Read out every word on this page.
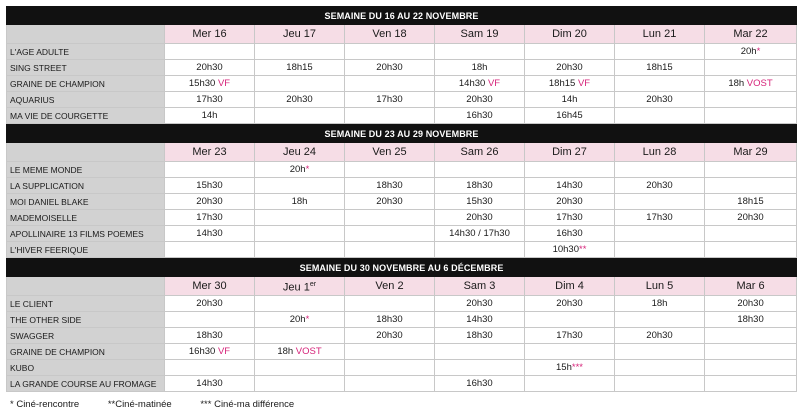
SEMAINE DU 16 AU 22 NOVEMBRE							
	Mer 16	Jeu 17	Ven 18	Sam 19	Dim 20	Lun 21	Mar 22
L'AGE ADULTE							20h*
SING STREET	20h30	18h15	20h30	18h	20h30	18h15	
GRAINE DE CHAMPION	15h30 VF			14h30 VF	18h15 VF		18h VOST
AQUARIUS	17h30	20h30	17h30	20h30	14h	20h30	
MA VIE DE COURGETTE	14h			16h30	16h45		
SEMAINE DU 23 AU 29 NOVEMBRE							
	Mer 23	Jeu 24	Ven 25	Sam 26	Dim 27	Lun 28	Mar 29
LE MEME MONDE		20h*					
LA SUPPLICATION	15h30		18h30	18h30	14h30	20h30	
MOI DANIEL BLAKE	20h30	18h	20h30	15h30	20h30		18h15
MADEMOISELLE	17h30			20h30	17h30	17h30	20h30
APOLLINAIRE 13 FILMS POEMES	14h30			14h30 / 17h30	16h30		
L'HIVER FEERIQUE					10h30**		
SEMAINE DU 30 NOVEMBRE AU 6 DÉCEMBRE							
	Mer 30	Jeu 1er	Ven 2	Sam 3	Dim 4	Lun 5	Mar 6
LE CLIENT	20h30			20h30	20h30	18h	20h30
THE OTHER SIDE		20h*	18h30	14h30			18h30
SWAGGER	18h30		20h30	18h30	17h30	20h30	
GRAINE DE CHAMPION	16h30 VF	18h VOST					
KUBO					15h***		
LA GRANDE COURSE AU FROMAGE	14h30			16h30			
* Ciné-rencontre	**Ciné-matinée	*** Ciné-ma différence
